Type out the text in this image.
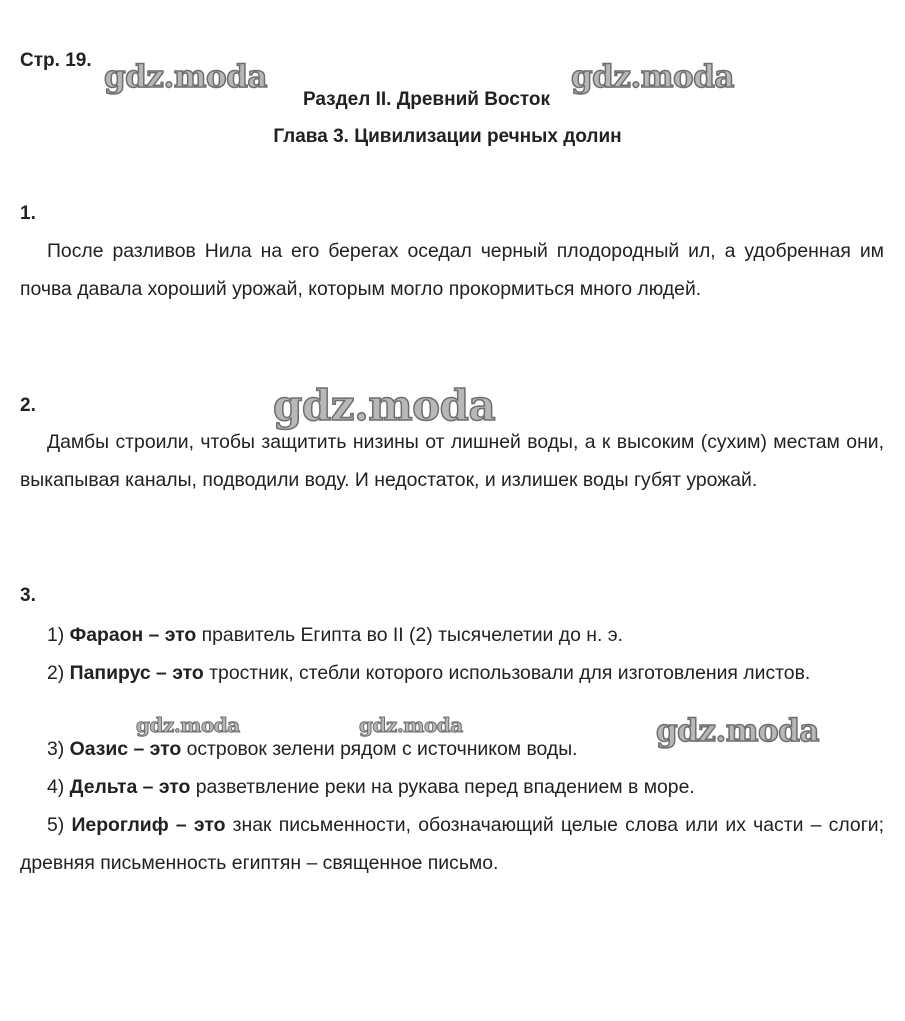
Стр. 19.
Раздел II. Древний Восток
Глава 3. Цивилизации речных долин
1.

После разливов Нила на его берегах оседал черный плодородный ил, а удобренная им почва давала хороший урожай, которым могло прокормиться много людей.

2.

Дамбы строили, чтобы защитить низины от лишней воды, а к высоким (сухим) местам они, выкапывая каналы, подводили воду. И недостаток, и излишек воды губят урожай.

3.

1) Фараон – это правитель Египта во II (2) тысячелетии до н. э.

2) Папирус – это тростник, стебли которого использовали для изготовления листов.

3) Оазис – это островок зелени рядом с источником воды.

4) Дельта – это разветвление реки на рукава перед впадением в море.

5) Иероглиф – это знак письменности, обозначающий целые слова или их части – слоги; древняя письменность египтян – священное письмо.

gdz.moda	gdz.moda
gdz.moda
gdz.moda	gdz.moda	gdz.moda
